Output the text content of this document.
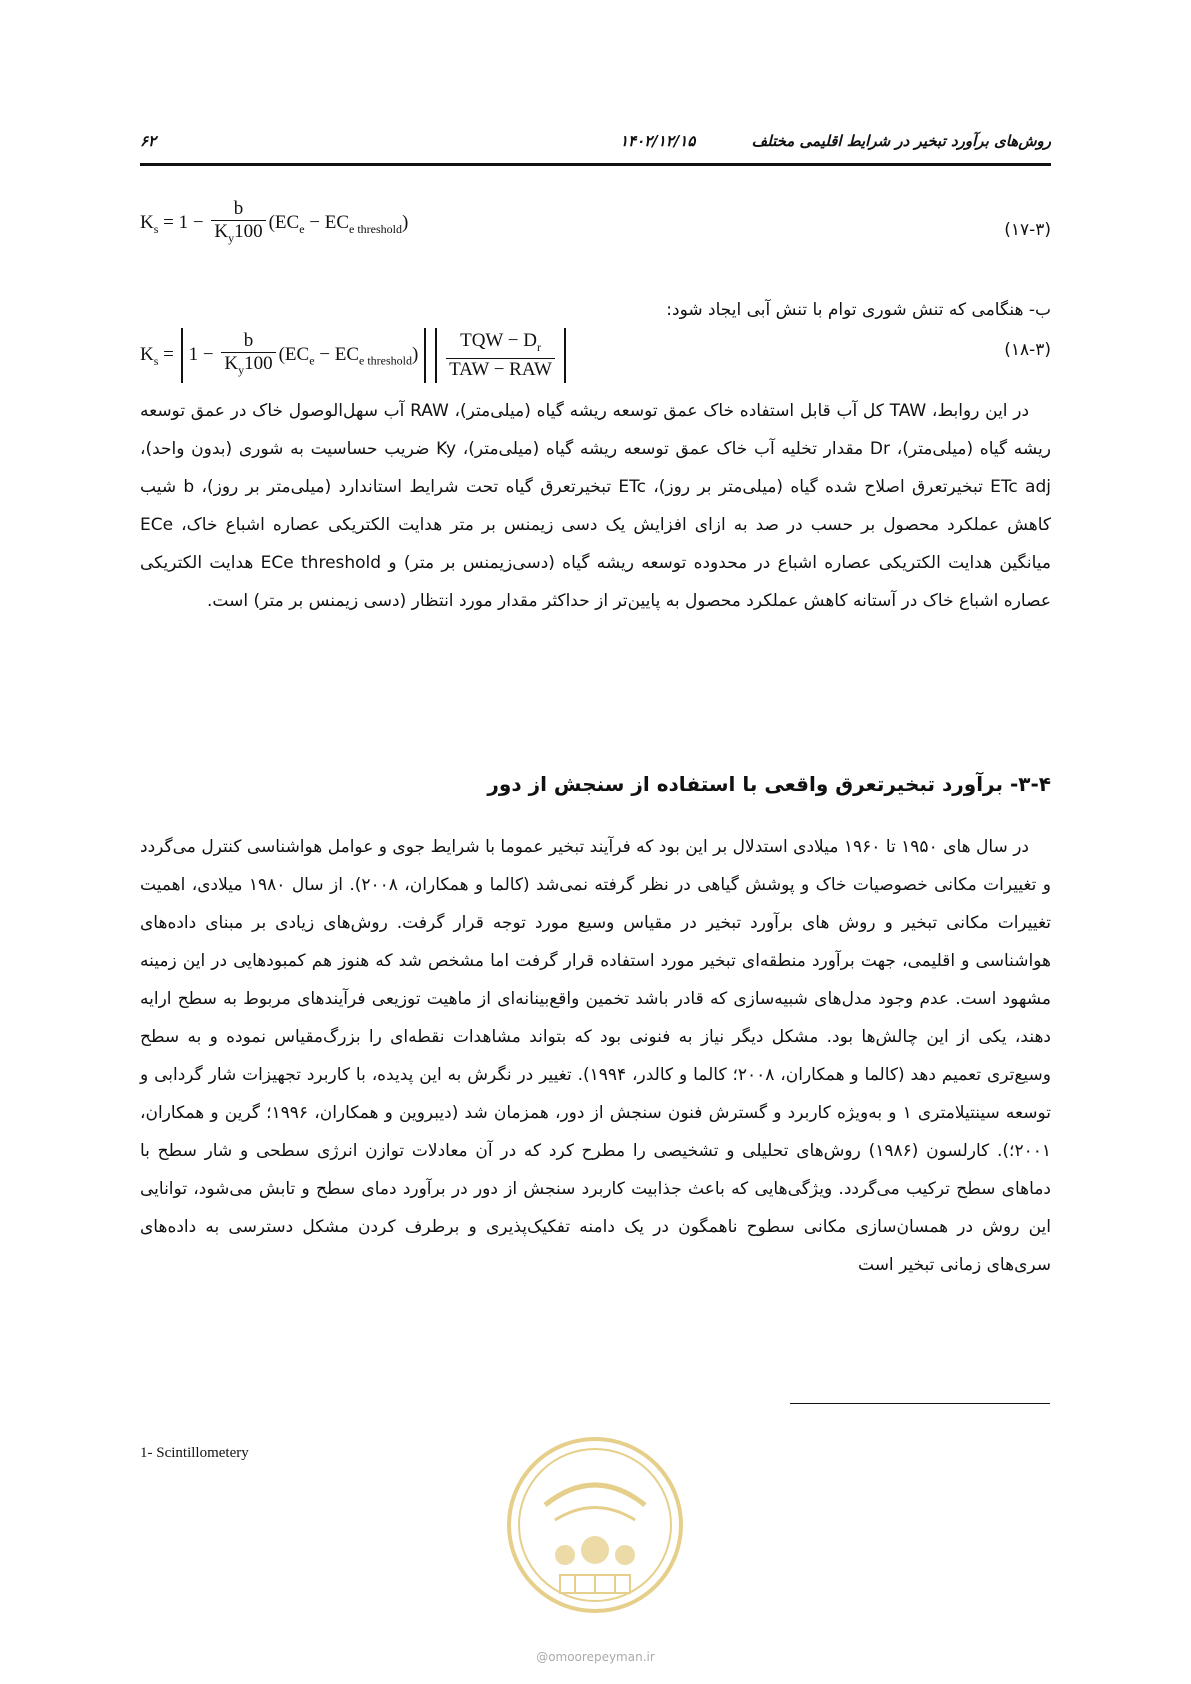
روش‌های برآورد تبخیر در شرایط اقلیمی مختلف
۱۴۰۲/۱۲/۱۵
۶۲
$K_s = 1 - \frac{b}{K_y100} (EC_e - EC_{e threshold})$	(۱۷-۳)
ب- هنگامی که تنش شوری توام با تنش آبی ایجاد شود:
$K_s = 1 - \frac{b}{K_y100} (EC_e - EC_{e threshold}) \frac{TQW - D_r}{\text{TAW − RAW}}$	(۱۸-۳)

در این روابط، TAW کل آب قابل استفاده خاک عمق توسعه ریشه گیاه (میلی‌متر)، RAW آب سهل‌الوصول خاک در عمق توسعه ریشه گیاه (میلی‌متر)، Dr مقدار تخلیه آب خاک عمق توسعه ریشه گیاه (میلی‌متر)، Ky ضریب حساسیت به شوری (بدون واحد)، ETc adj تبخیرتعرق اصلاح شده گیاه (میلی‌متر بر روز)، ETc تبخیرتعرق گیاه تحت شرایط استاندارد (میلی‌متر بر روز)، b شیب کاهش عملکرد محصول بر حسب در صد به ازای افزایش یک دسی زیمنس بر متر هدایت الکتریکی عصاره اشباع خاک، ECe میانگین هدایت الکتریکی عصاره اشباع در محدوده توسعه ریشه گیاه (دسی‌زیمنس بر متر) و ECe threshold هدایت الکتریکی عصاره اشباع خاک در آستانه کاهش عملکرد محصول به پایین‌تر از حداکثر مقدار مورد انتظار (دسی زیمنس بر متر) است.

۳-۴- برآورد تبخیرتعرق واقعی با استفاده از سنجش از دور

در سال های ۱۹۵۰ تا ۱۹۶۰ میلادی استدلال بر این بود که فرآیند تبخیر عموما با شرایط جوی و عوامل هواشناسی کنترل می‌گردد و تغییرات مکانی خصوصیات خاک و پوشش گیاهی در نظر گرفته نمی‌شد (کالما و همکاران، ۲۰۰۸). از سال ۱۹۸۰ میلادی، اهمیت تغییرات مکانی تبخیر و روش های برآورد تبخیر در مقیاس وسیع مورد توجه قرار گرفت. روش‌های زیادی بر مبنای داده‌های هواشناسی و اقلیمی، جهت برآورد منطقه‌ای تبخیر مورد استفاده قرار گرفت اما مشخص شد که هنوز هم کمبودهایی در این زمینه مشهود است. عدم وجود مدل‌های شبیه‌سازی که قادر باشد تخمین واقع‌بینانه‌ای از ماهیت توزیعی فرآیندهای مربوط به سطح ارایه دهند، یکی از این چالش‌ها بود. مشکل دیگر نیاز به فنونی بود که بتواند مشاهدات نقطه‌ای را بزرگ‌مقیاس نموده و به سطح وسیع‌تری تعمیم دهد (کالما و همکاران، ۲۰۰۸؛ کالما و کالدر، ۱۹۹۴). تغییر در نگرش به این پدیده، با کاربرد تجهیزات شار گردابی و توسعه سینتیلامتری ۱ و به‌ویژه کاربرد و گسترش فنون سنجش از دور، همزمان شد (دیبروین و همکاران، ۱۹۹۶؛ گرین و همکاران، ۲۰۰۱؛). کارلسون (۱۹۸۶) روش‌های تحلیلی و تشخیصی را مطرح کرد که در آن معادلات توازن انرژی سطحی و شار سطح با دماهای سطح ترکیب می‌گردد. ویژگی‌هایی که باعث جذابیت کاربرد سنجش از دور در برآورد دمای سطح و تابش می‌شود، توانایی این روش در همسان‌سازی مکانی سطوح ناهمگون در یک دامنه تفکیک‌پذیری و برطرف کردن مشکل دسترسی به داده‌های سری‌های زمانی تبخیر است

1- Scintillometery
@omoorepeyman.ir
